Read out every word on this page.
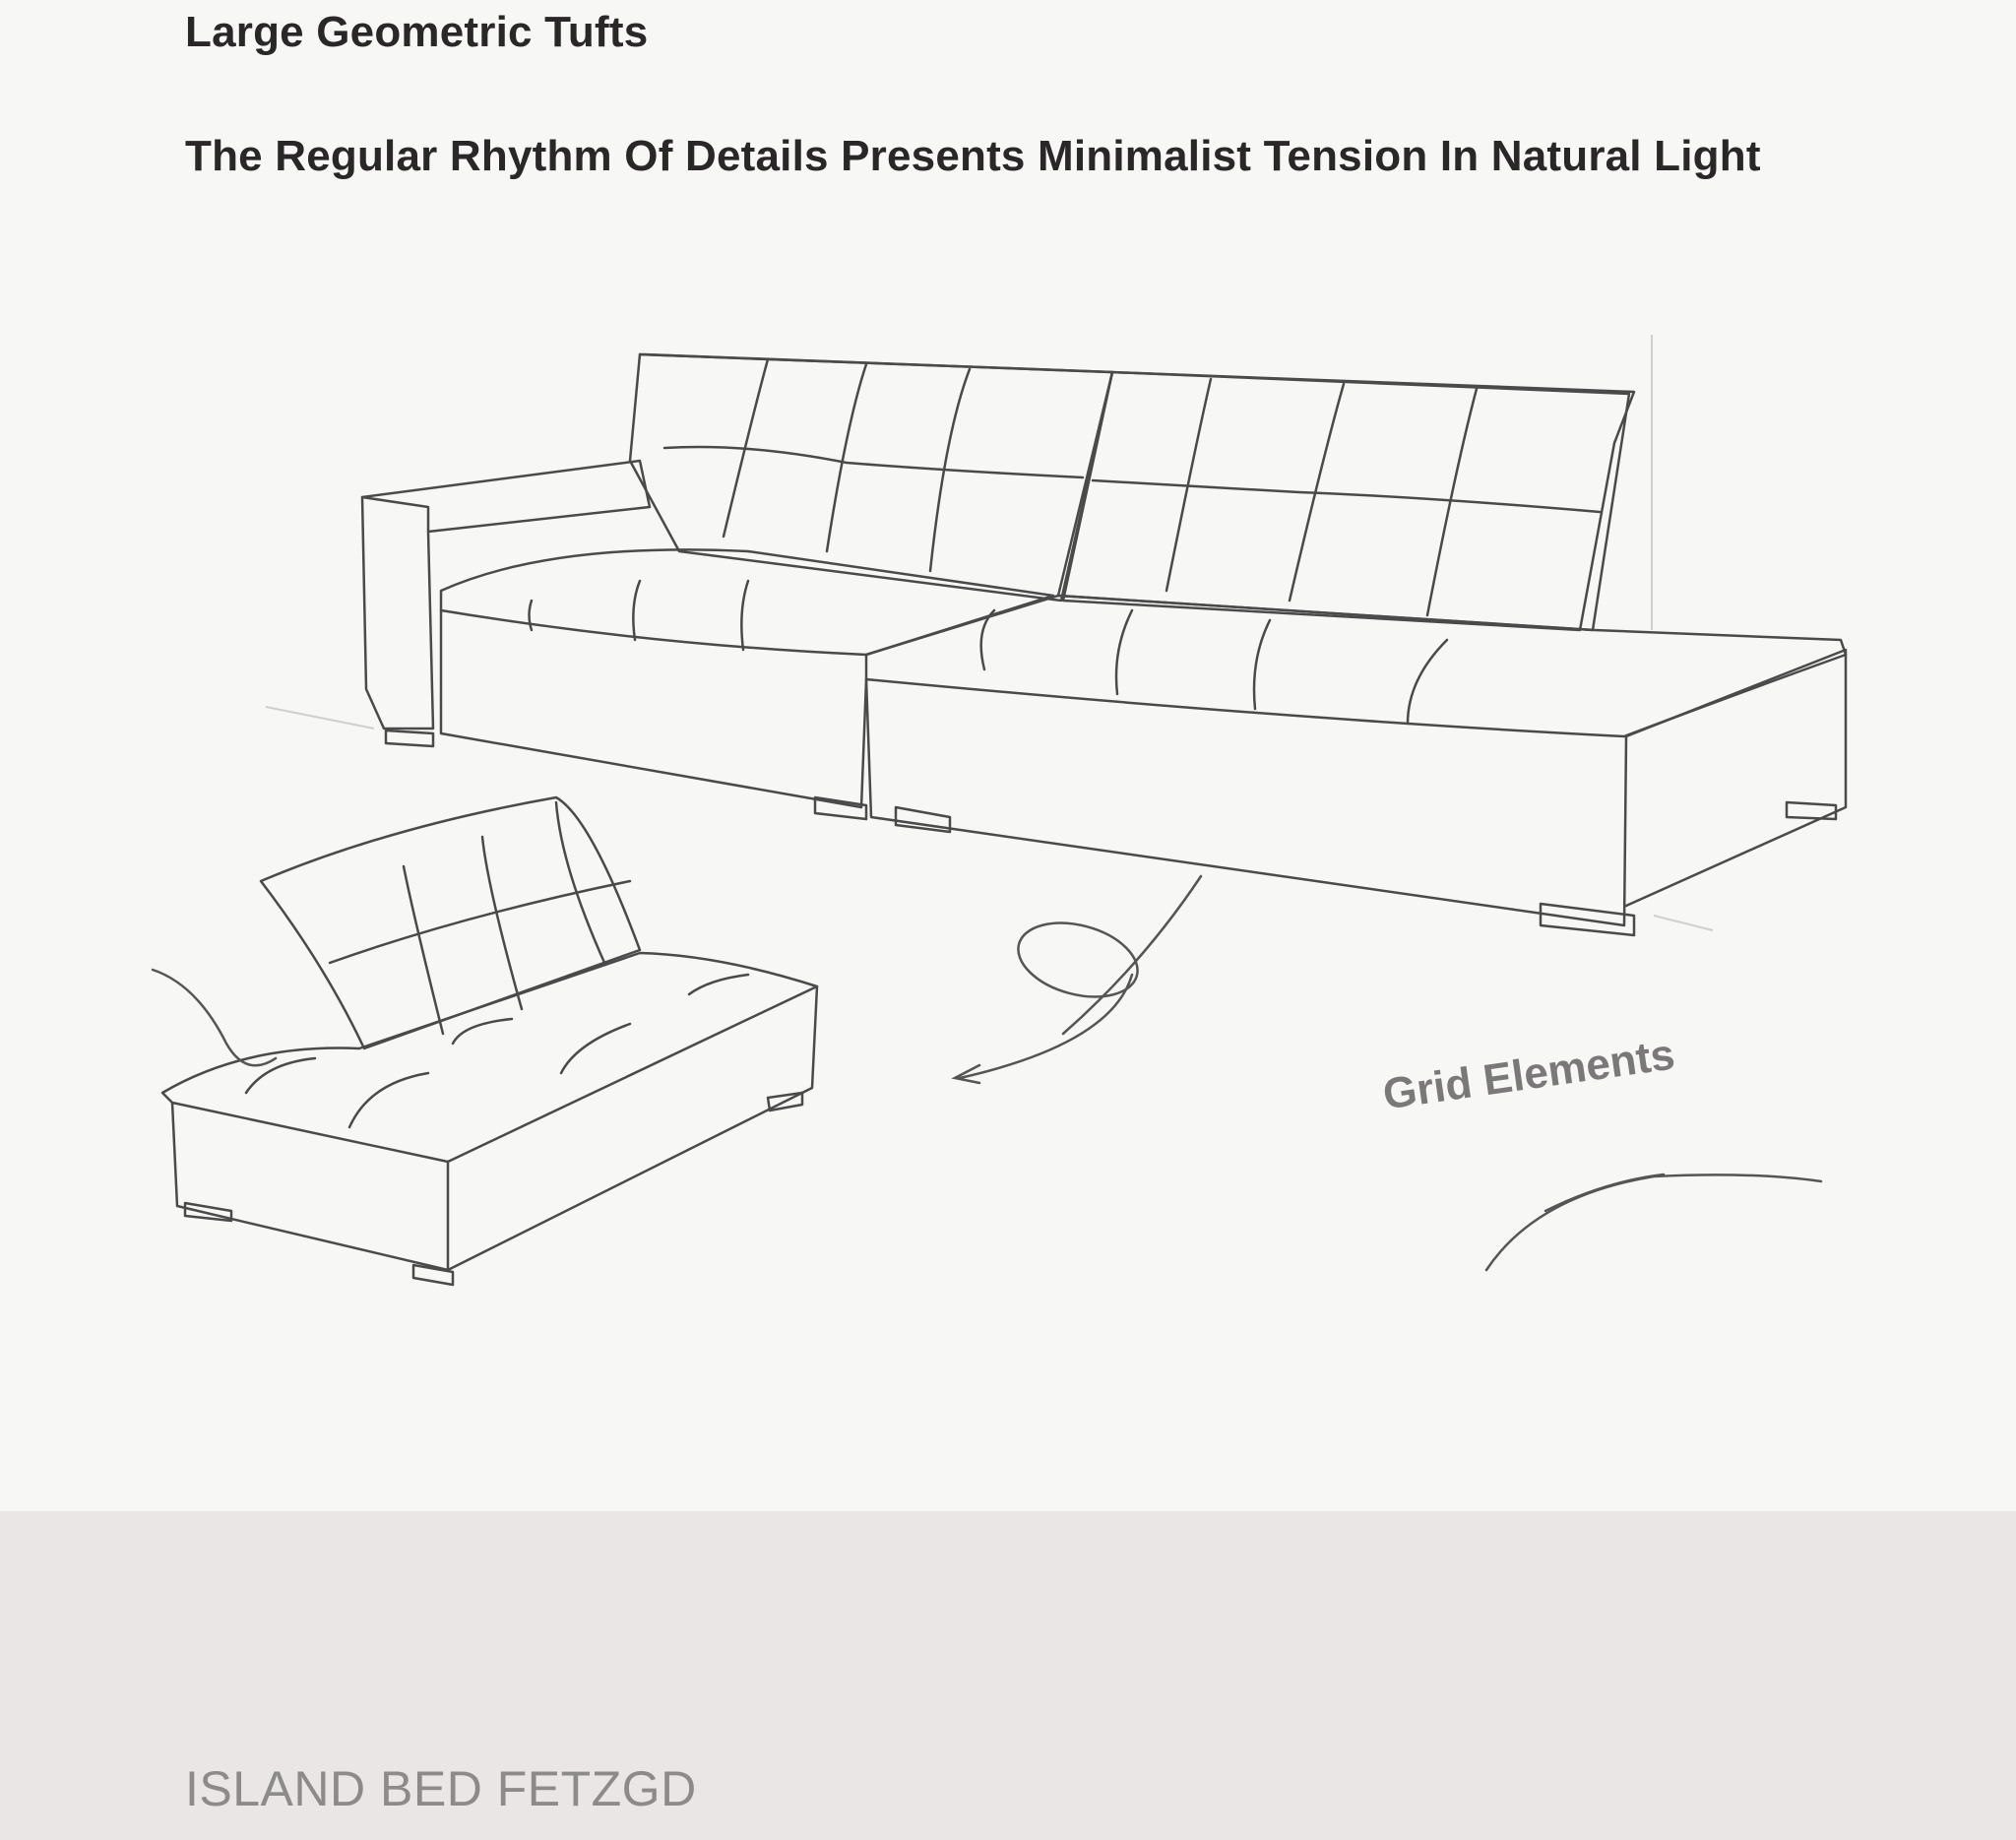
Large Geometric Tufts
The Regular Rhythm Of Details Presents Minimalist Tension In Natural Light
Grid Elements
ISLAND BED FETZGD
